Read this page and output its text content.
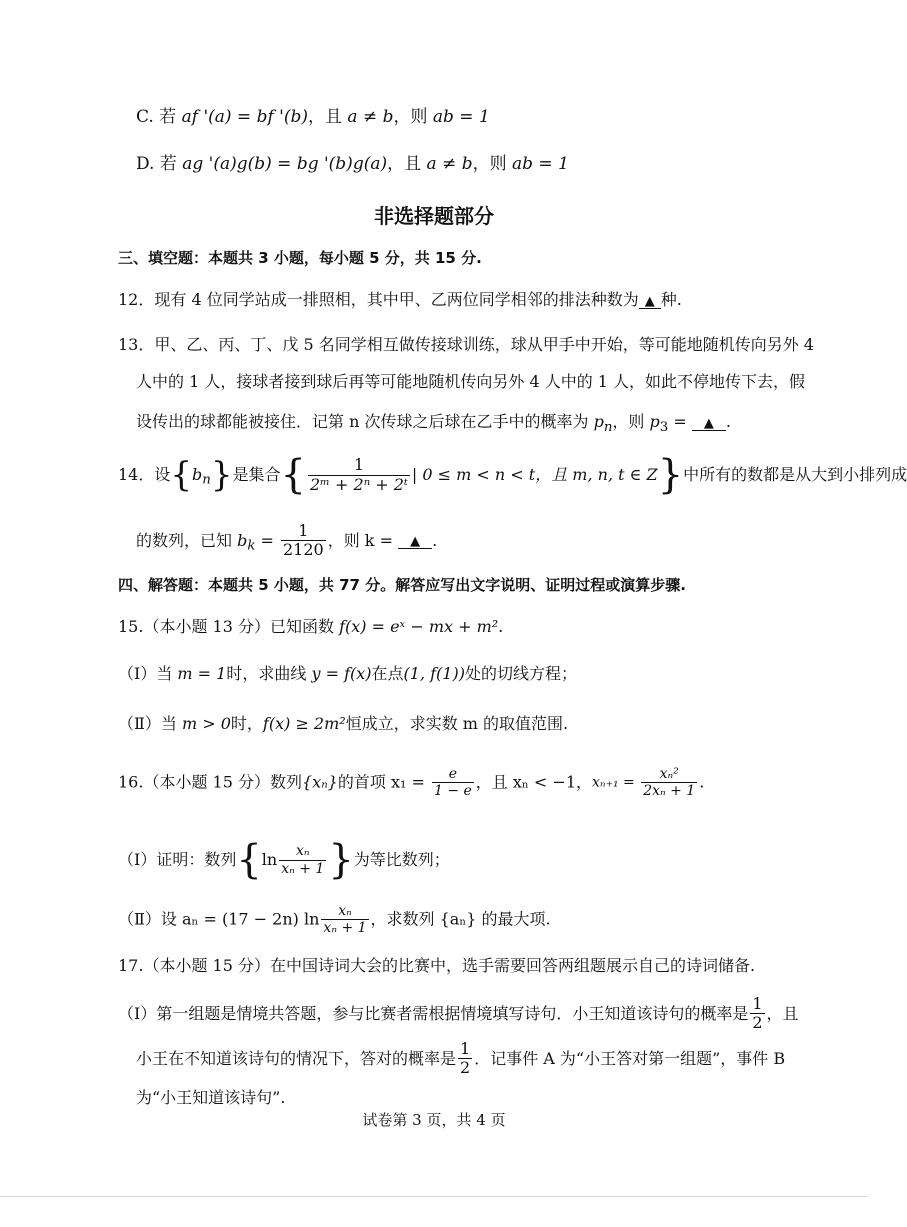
C. 若 af '(a) = bf '(b)，且 a ≠ b，则 ab = 1
D. 若 ag '(a)g(b) = bg '(b)g(a)，且 a ≠ b，则 ab = 1
非选择题部分
三、填空题：本题共 3 小题，每小题 5 分，共 15 分.
12．现有 4 位同学站成一排照相，其中甲、乙两位同学相邻的排法种数为 ▲ 种.
13．甲、乙、丙、丁、戊 5 名同学相互做传接球训练，球从甲手中开始，等可能地随机传向另外 4
人中的 1 人，接球者接到球后再等可能地随机传向另外 4 人中的 1 人，如此不停地传下去，假
设传出的球都能被接住．记第 n 次传球之后球在乙手中的概率为 $p_n$，则 $p_3$ = ▲ .
14．设$\{b_n\}$是集合{ $\frac{1}{\text{2ᵐ + 2ⁿ + 2ᵗ}}$ | 0 ≤ m < n < t，且 m, n, t ∈ Z}中所有的数都是从大到小排列成
的数列，已知 $b_k = \frac{1}{2120}$ ，则 k = ▲ .
四、解答题：本题共 5 小题，共 77 分。解答应写出文字说明、证明过程或演算步骤.
15.（本小题 13 分）已知函数 f(x) = eˣ − mx + m².
（Ⅰ）当 m = 1时，求曲线 y = f(x)在点(1, f(1))处的切线方程；
（Ⅱ）当 m > 0时，f(x) ≥ 2m²恒成立，求实数 m 的取值范围.
16.（本小题 15 分）数列{xₙ}的首项 $x_1 = \frac{e}{1 - e}$ ，且 xₙ < −1，$x_{n+1} = \frac{\text{xₙ²}}{\text{2xₙ + 1}}$ .
（Ⅰ）证明：数列{$\ln \frac{\text{xₙ}}{\text{xₙ + 1}}$ }为等比数列；
（Ⅱ）设 aₙ = (17 − 2n) $\ln \frac{\text{xₙ}}{\text{xₙ + 1}}$ ，求数列 {aₙ} 的最大项.
17.（本小题 15 分）在中国诗词大会的比赛中，选手需要回答两组题展示自己的诗词储备.
（Ⅰ）第一组题是情境共答题，参与比赛者需根据情境填写诗句．小王知道该诗句的概率是 $\frac{1}{2}$ ，且
小王在不知道该诗句的情况下，答对的概率是 $\frac{1}{2}$ ．记事件 A 为“小王答对第一组题”，事件 B
为“小王知道该诗句”.
试卷第 3 页，共 4 页
